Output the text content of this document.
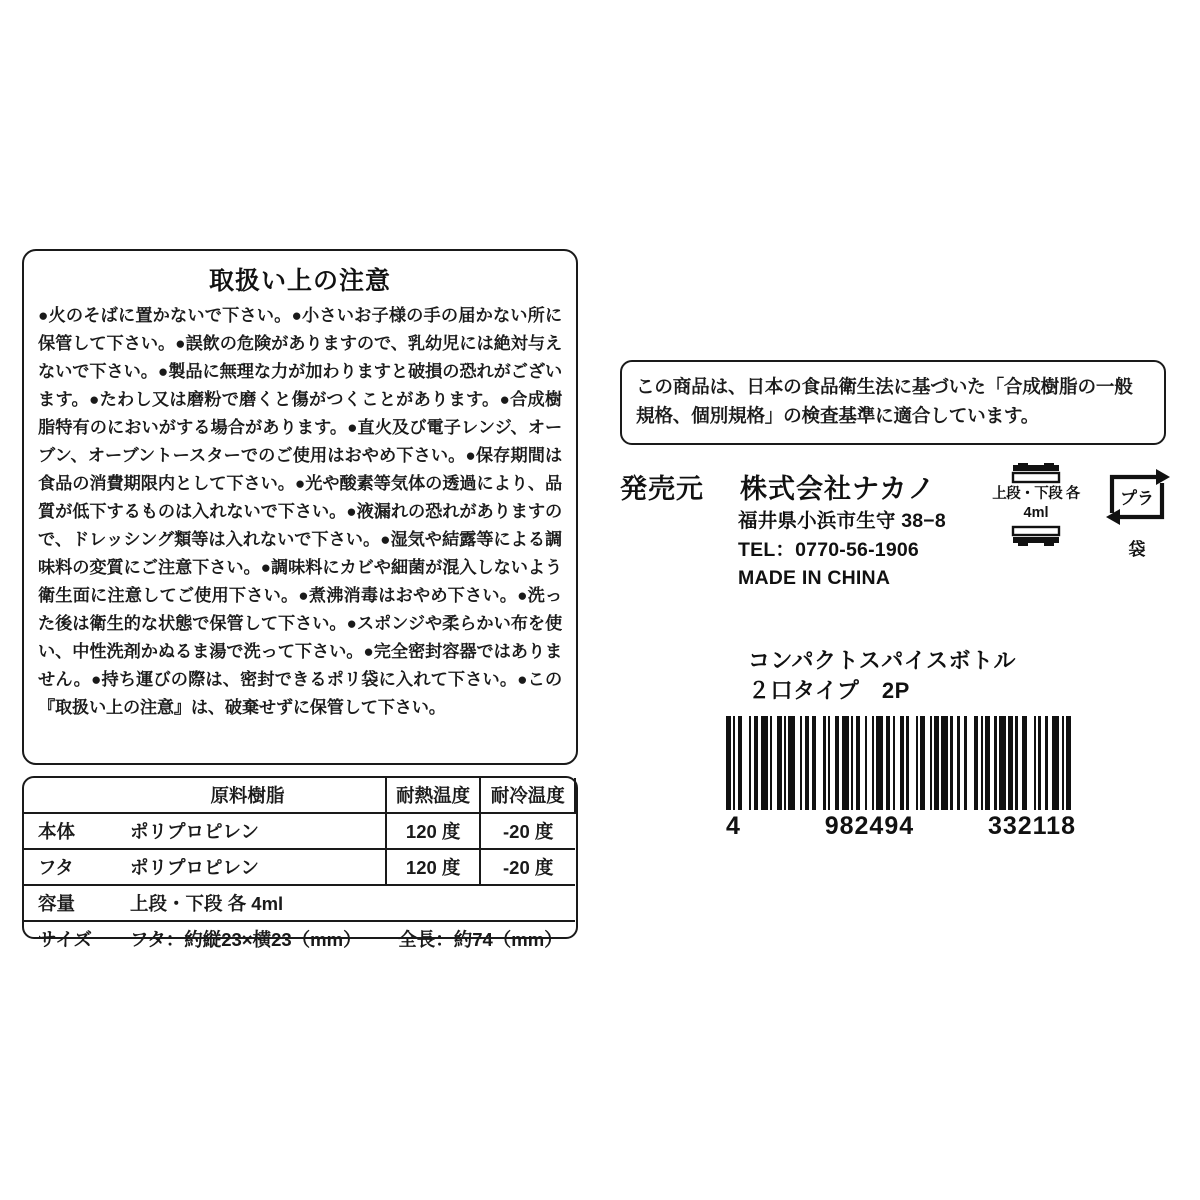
取扱い上の注意
●火のそばに置かないで下さい。●小さいお子様の手の届かない所に保管して下さい。●誤飲の危険がありますので、乳幼児には絶対与えないで下さい。●製品に無理な力が加わりますと破損の恐れがございます。●たわし又は磨粉で磨くと傷がつくことがあります。●合成樹脂特有のにおいがする場合があります。●直火及び電子レンジ、オーブン、オーブントースターでのご使用はおやめ下さい。●保存期間は食品の消費期限内として下さい。●光や酸素等気体の透過により、品質が低下するものは入れないで下さい。●液漏れの恐れがありますので、ドレッシング類等は入れないで下さい。●湿気や結露等による調味料の変質にご注意下さい。●調味料にカビや細菌が混入しないよう衛生面に注意してご使用下さい。●煮沸消毒はおやめ下さい。●洗った後は衛生的な状態で保管して下さい。●スポンジや柔らかい布を使い、中性洗剤かぬるま湯で洗って下さい。●完全密封容器ではありません。●持ち運びの際は、密封できるポリ袋に入れて下さい。●この『取扱い上の注意』は、破棄せずに保管して下さい。
	原料樹脂	耐熱温度	耐冷温度
本体	ポリプロピレン	120 度	-20 度
フタ	ポリプロピレン	120 度	-20 度
容量	上段・下段 各 4ml		
サイズ	フタ：約縦23×横23（mm）	全長：約74（mm）	
この商品は、日本の食品衛生法に基づいた「合成樹脂の一般規格、個別規格」の検査基準に適合しています。
発売元 株式会社ナカノ
福井県小浜市生守 38−8
TEL：0770-56-1906
MADE IN CHINA
上段・下段 各
4ml
プラ
袋
コンパクトスパイスボトル
２口タイプ　2P
4	982494	332118
